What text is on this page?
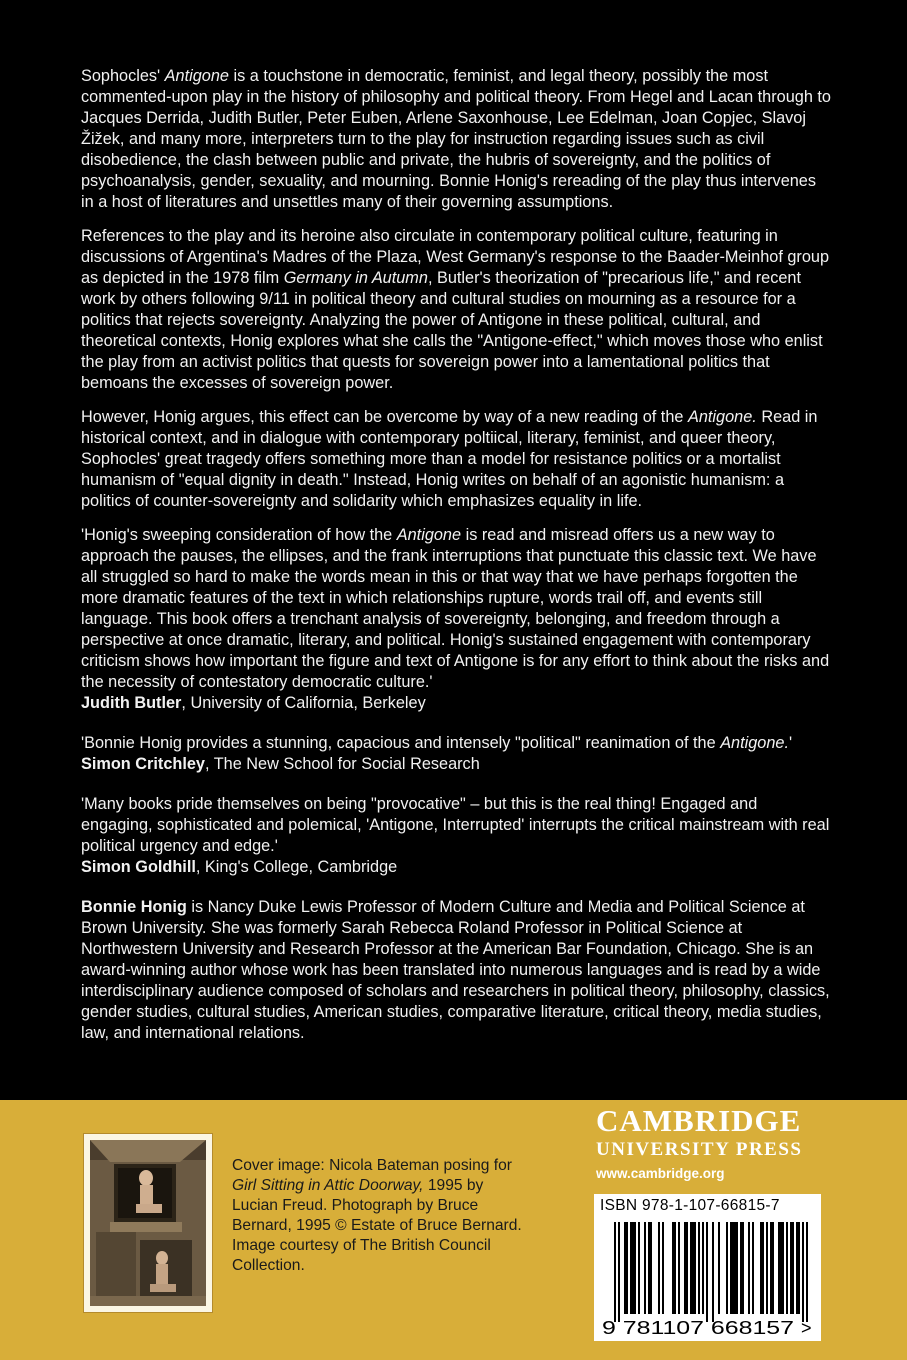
Sophocles' Antigone is a touchstone in democratic, feminist, and legal theory, possibly the most commented-upon play in the history of philosophy and political theory. From Hegel and Lacan through to Jacques Derrida, Judith Butler, Peter Euben, Arlene Saxonhouse, Lee Edelman, Joan Copjec, Slavoj Žižek, and many more, interpreters turn to the play for instruction regarding issues such as civil disobedience, the clash between public and private, the hubris of sovereignty, and the politics of psychoanalysis, gender, sexuality, and mourning. Bonnie Honig's rereading of the play thus intervenes in a host of literatures and unsettles many of their governing assumptions.

References to the play and its heroine also circulate in contemporary political culture, featuring in discussions of Argentina's Madres of the Plaza, West Germany's response to the Baader-Meinhof group as depicted in the 1978 film Germany in Autumn, Butler's theorization of "precarious life," and recent work by others following 9/11 in political theory and cultural studies on mourning as a resource for a politics that rejects sovereignty. Analyzing the power of Antigone in these political, cultural, and theoretical contexts, Honig explores what she calls the "Antigone-effect," which moves those who enlist the play from an activist politics that quests for sovereign power into a lamentational politics that bemoans the excesses of sovereign power.

However, Honig argues, this effect can be overcome by way of a new reading of the Antigone. Read in historical context, and in dialogue with contemporary poltiical, literary, feminist, and queer theory, Sophocles' great tragedy offers something more than a model for resistance politics or a mortalist humanism of "equal dignity in death." Instead, Honig writes on behalf of an agonistic humanism: a politics of counter-sovereignty and solidarity which emphasizes equality in life.

'Honig's sweeping consideration of how the Antigone is read and misread offers us a new way to approach the pauses, the ellipses, and the frank interruptions that punctuate this classic text. We have all struggled so hard to make the words mean in this or that way that we have perhaps forgotten the more dramatic features of the text in which relationships rupture, words trail off, and events still language. This book offers a trenchant analysis of sovereignty, belonging, and freedom through a perspective at once dramatic, literary, and political. Honig's sustained engagement with contemporary criticism shows how important the figure and text of Antigone is for any effort to think about the risks and the necessity of contestatory democratic culture.'
Judith Butler, University of California, Berkeley
'Bonnie Honig provides a stunning, capacious and intensely "political" reanimation of the Antigone.'
Simon Critchley, The New School for Social Research
'Many books pride themselves on being "provocative" – but this is the real thing! Engaged and engaging, sophisticated and polemical, 'Antigone, Interrupted' interrupts the critical mainstream with real political urgency and edge.'
Simon Goldhill, King's College, Cambridge

Bonnie Honig is Nancy Duke Lewis Professor of Modern Culture and Media and Political Science at Brown University. She was formerly Sarah Rebecca Roland Professor in Political Science at Northwestern University and Research Professor at the American Bar Foundation, Chicago. She is an award-winning author whose work has been translated into numerous languages and is read by a wide interdisciplinary audience composed of scholars and researchers in political theory, philosophy, classics, gender studies, cultural studies, American studies, comparative literature, critical theory, media studies, law, and international relations.

Cover image: Nicola Bateman posing for Girl Sitting in Attic Doorway, 1995 by Lucian Freud. Photograph by Bruce Bernard, 1995 © Estate of Bruce Bernard. Image courtesy of The British Council Collection.
CAMBRIDGE
UNIVERSITY PRESS
www.cambridge.org
ISBN 978-1-107-66815-7
9 781107 668157 >
